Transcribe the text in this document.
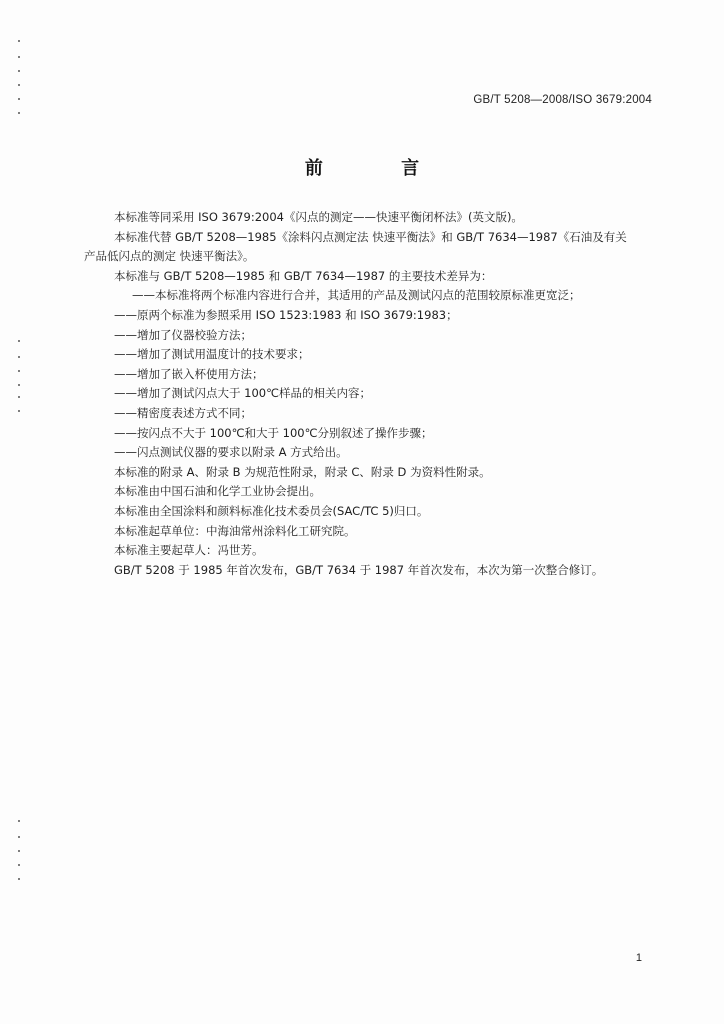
GB/T 5208—2008/ISO 3679:2004
前 言

本标准等同采用 ISO 3679:2004《闪点的测定——快速平衡闭杯法》(英文版)。

本标准代替 GB/T 5208—1985《涂料闪点测定法 快速平衡法》和 GB/T 7634—1987《石油及有关

产品低闪点的测定 快速平衡法》。

本标准与 GB/T 5208—1985 和 GB/T 7634—1987 的主要技术差异为：

——本标准将两个标准内容进行合并，其适用的产品及测试闪点的范围较原标准更宽泛；

——原两个标准为参照采用 ISO 1523:1983 和 ISO 3679:1983；

——增加了仪器校验方法；

——增加了测试用温度计的技术要求；

——增加了嵌入杯使用方法；

——增加了测试闪点大于 100℃样品的相关内容；

——精密度表述方式不同；

——按闪点不大于 100℃和大于 100℃分别叙述了操作步骤；

——闪点测试仪器的要求以附录 A 方式给出。

本标准的附录 A、附录 B 为规范性附录，附录 C、附录 D 为资料性附录。

本标准由中国石油和化学工业协会提出。

本标准由全国涂料和颜料标准化技术委员会(SAC/TC 5)归口。

本标准起草单位：中海油常州涂料化工研究院。

本标准主要起草人：冯世芳。

GB/T 5208 于 1985 年首次发布，GB/T 7634 于 1987 年首次发布，本次为第一次整合修订。

1
